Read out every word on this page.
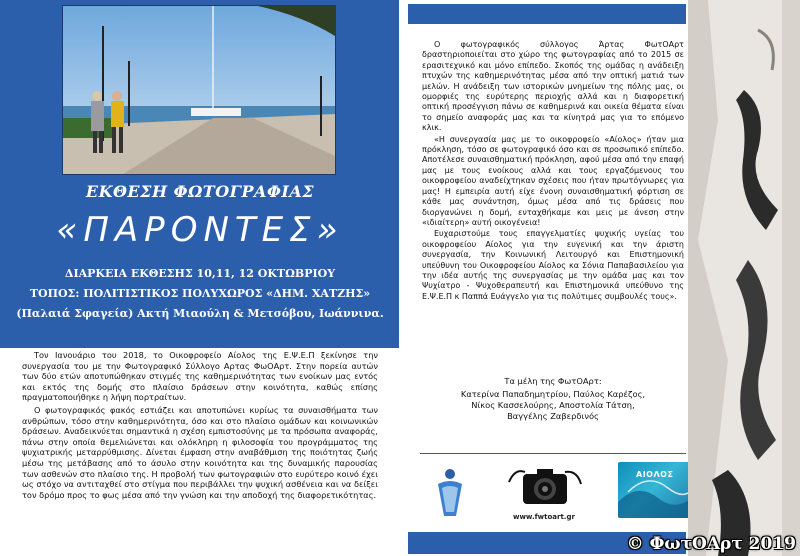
ΕΚΘΕΣΗ ΦΩΤΟΓΡΑΦΙΑΣ
«ΠΑΡΟΝΤΕΣ»
ΔΙΑΡΚΕΙΑ ΕΚΘΕΣΗΣ 10,11, 12 ΟΚΤΩΒΡΙΟΥ
ΤΟΠΟΣ: ΠΟΛΙΤΙΣΤΙΚΟΣ ΠΟΛΥΧΩΡΟΣ «ΔΗΜ. ΧΑΤΖΗΣ»
(Παλαιά Σφαγεία) Ακτή Μιαούλη & Μετσόβου, Ιωάννινα.

Τον Ιανουάριο του 2018, το Οικοφροφείο Αίολος της Ε.Ψ.Ε.Π ξεκίνησε την συνεργασία του με την Φωτογραφικό Σύλλογο Αρτας ΦωΟΑρτ. Στην πορεία αυτών των δύο ετών αποτυπώθηκαν στιγμές της καθημερινότητας των ενοίκων μας εντός και εκτός της δομής στο πλαίσιο δράσεων στην κοινότητα, καθώς επίσης πραγματοποιήθηκε η λήψη πορτραίτων.

Ο φωτογραφικός φακός εστιάζει και αποτυπώνει κυρίως τα συναισθήματα των ανθρώπων, τόσο στην καθημερινότητα, όσο και στο πλαίσιο ομάδων και κοινωνικών δράσεων. Αναδεικνύεται σημαντικά η σχέση εμπιστοσύνης με τα πρόσωπα αναφοράς, πάνω στην οποία θεμελιώνεται και ολόκληρη η φιλοσοφία του προγράμματος της ψυχιατρικής μεταρρύθμισης. Δίνεται έμφαση στην αναβάθμιση της ποιότητας ζωής μέσω της μετάβασης από το άσυλο στην κοινότητα και της δυναμικής παρουσίας των ασθενών στο πλαίσιο της. Η προβολή των φωτογραφιών στο ευρύτερο κοινό έχει ως στόχο να αντιταχθεί στο στίγμα που περιβάλλει την ψυχική ασθένεια και να δείξει τον δρόμο προς το φως μέσα από την γνώση και την αποδοχή της διαφορετικότητας.

Ο φωτογραφικός σύλλογος Άρτας ΦωτΟΑρτ δραστηριοποιείται στο χώρο της φωτογραφίας από το 2015 σε ερασιτεχνικό και μόνο επίπεδο. Σκοπός της ομάδας η ανάδειξη πτυχών της καθημερινότητας μέσα από την οπτική ματιά των μελών. Η ανάδειξη των ιστορικών μνημείων της πόλης μας, οι ομορφιές της ευρύτερης περιοχής αλλά και η διαφορετική οπτική προσέγγιση πάνω σε καθημερινά και οικεία θέματα είναι το σημείο αναφοράς μας και τα κίνητρά μας για το επόμενο κλικ.

«Η συνεργασία μας με το οικοφροφείο «Αίολος» ήταν μια πρόκληση, τόσο σε φωτογραφικό όσο και σε προσωπικό επίπεδο. Αποτέλεσε συναισθηματική πρόκληση, αφού μέσα από την επαφή μας με τους ενοίκους αλλά και τους εργαζόμενους του οικοφροφείου αναδείχτηκαν σχέσεις που ήταν πρωτόγνωρες για μας! Η εμπειρία αυτή είχε ένονη συναισθηματική φόρτιση σε κάθε μας συνάντηση, όμως μέσα από τις δράσεις που διοργανώνει η δομή, ενταχθήκαμε και μεις με άνεση στην «ιδιαίτερη» αυτή οικογένεια!

Ευχαριστούμε τους επαγγελματίες ψυχικής υγείας του οικοφροφείου Αίολος για την ευγενική και την άριστη συνεργασία, την Κοινωνική Λειτουργό και Επιστημονική υπεύθυνη του Οικοφροφείου Αίολος κα Σόνια Παπαβασιλείου για την ιδέα αυτής της συνεργασίας με την ομάδα μας και τον Ψυχίατρο - Ψυχοθεραπευτή και Επιστημονικά υπεύθυνο της Ε.Ψ.Ε.Π κ Παππά Ευάγγελο για τις πολύτιμες συμβουλές τους».

Τα μέλη της ΦωτΟΑρτ:
Κατερίνα Παπαδημητρίου, Παύλος Καρέζος,
Νίκος Κασσελούρης, Αποστολία Τάτση,
Βαγγέλης Ζαβερδινός
www.fwtoart.gr
ΑΙΟΛΟΣ
© ΦωτΟΑρτ 2019
